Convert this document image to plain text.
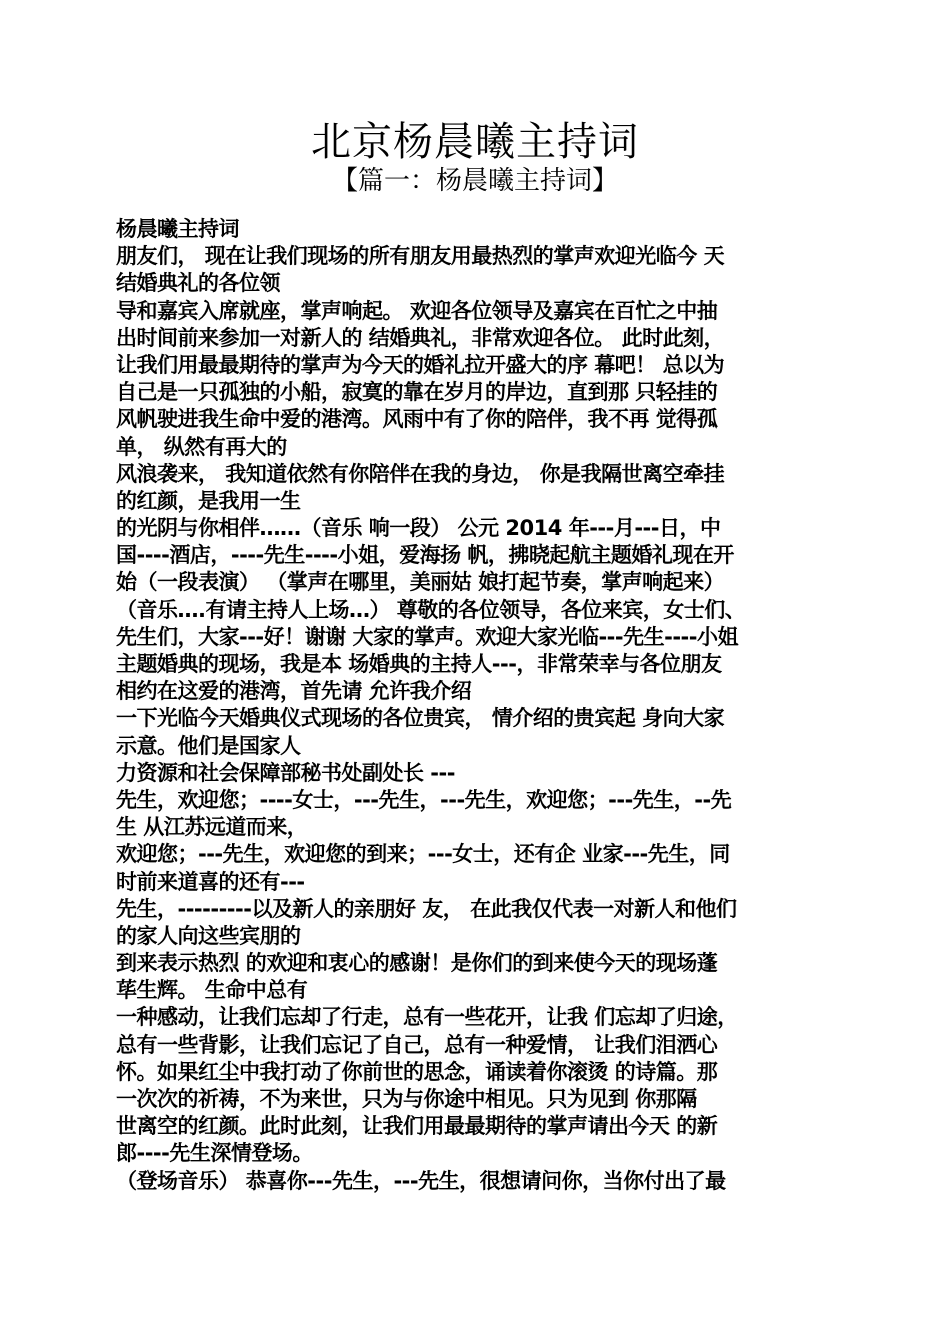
北京杨晨曦主持词
【篇一：杨晨曦主持词】
杨晨曦主持词
朋友们， 现在让我们现场的所有朋友用最热烈的掌声欢迎光临今 天
结婚典礼的各位领
导和嘉宾入席就座，掌声响起。 欢迎各位领导及嘉宾在百忙之中抽
出时间前来参加一对新人的 结婚典礼，非常欢迎各位。 此时此刻，
让我们用最最期待的掌声为今天的婚礼拉开盛大的序 幕吧！ 总以为
自己是一只孤独的小船，寂寞的靠在岁月的岸边，直到那 只轻挂的
风帆驶进我生命中爱的港湾。风雨中有了你的陪伴，我不再 觉得孤
单， 纵然有再大的
风浪袭来， 我知道依然有你陪伴在我的身边， 你是我隔世离空牵挂
的红颜，是我用一生
的光阴与你相伴……（音乐 响一段） 公元 2014 年---月---日，中
国----酒店，----先生----小姐，爱海扬 帆，拂晓起航主题婚礼现在开
始（一段表演） （掌声在哪里，美丽姑 娘打起节奏，掌声响起来）
（音乐….有请主持人上场…） 尊敬的各位领导，各位来宾，女士们、
先生们，大家---好！谢谢 大家的掌声。欢迎大家光临---先生----小姐
主题婚典的现场，我是本 场婚典的主持人---，非常荣幸与各位朋友
相约在这爱的港湾，首先请 允许我介绍
一下光临今天婚典仪式现场的各位贵宾， 情介绍的贵宾起 身向大家
示意。他们是国家人
力资源和社会保障部秘书处副处长 ---
先生，欢迎您；----女士，---先生，---先生，欢迎您；---先生，--先
生 从江苏远道而来，
欢迎您；---先生，欢迎您的到来；---女士，还有企 业家---先生，同
时前来道喜的还有---
先生，---------以及新人的亲朋好 友， 在此我仅代表一对新人和他们
的家人向这些宾朋的
到来表示热烈 的欢迎和衷心的感谢！是你们的到来使今天的现场蓬
荜生辉。 生命中总有
一种感动，让我们忘却了行走，总有一些花开，让我 们忘却了归途，
总有一些背影，让我们忘记了自己，总有一种爱情， 让我们泪洒心
怀。如果红尘中我打动了你前世的思念，诵读着你滚烫 的诗篇。那
一次次的祈祷，不为来世，只为与你途中相见。只为见到 你那隔
世离空的红颜。此时此刻，让我们用最最期待的掌声请出今天 的新
郎----先生深情登场。
（登场音乐） 恭喜你---先生，---先生，很想请问你，当你付出了最
